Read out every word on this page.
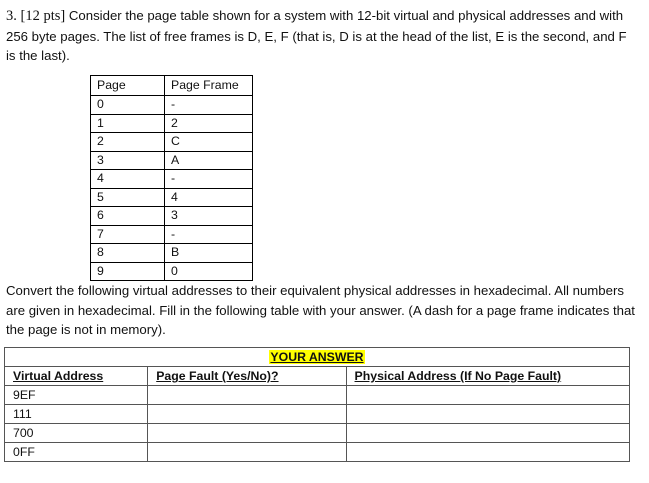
3. [12 pts] Consider the page table shown for a system with 12-bit virtual and physical addresses and with 256 byte pages. The list of free frames is D, E, F (that is, D is at the head of the list, E is the second, and F is the last).
Page	Page Frame
0	-
1	2
2	C
3	A
4	-
5	4
6	3
7	-
8	B
9	0
Convert the following virtual addresses to their equivalent physical addresses in hexadecimal. All numbers are given in hexadecimal. Fill in the following table with your answer. (A dash for a page frame indicates that the page is not in memory).
YOUR ANSWER		
Virtual Address	Page Fault (Yes/No)?	Physical Address (If No Page Fault)
9EF		
111		
700		
0FF		
